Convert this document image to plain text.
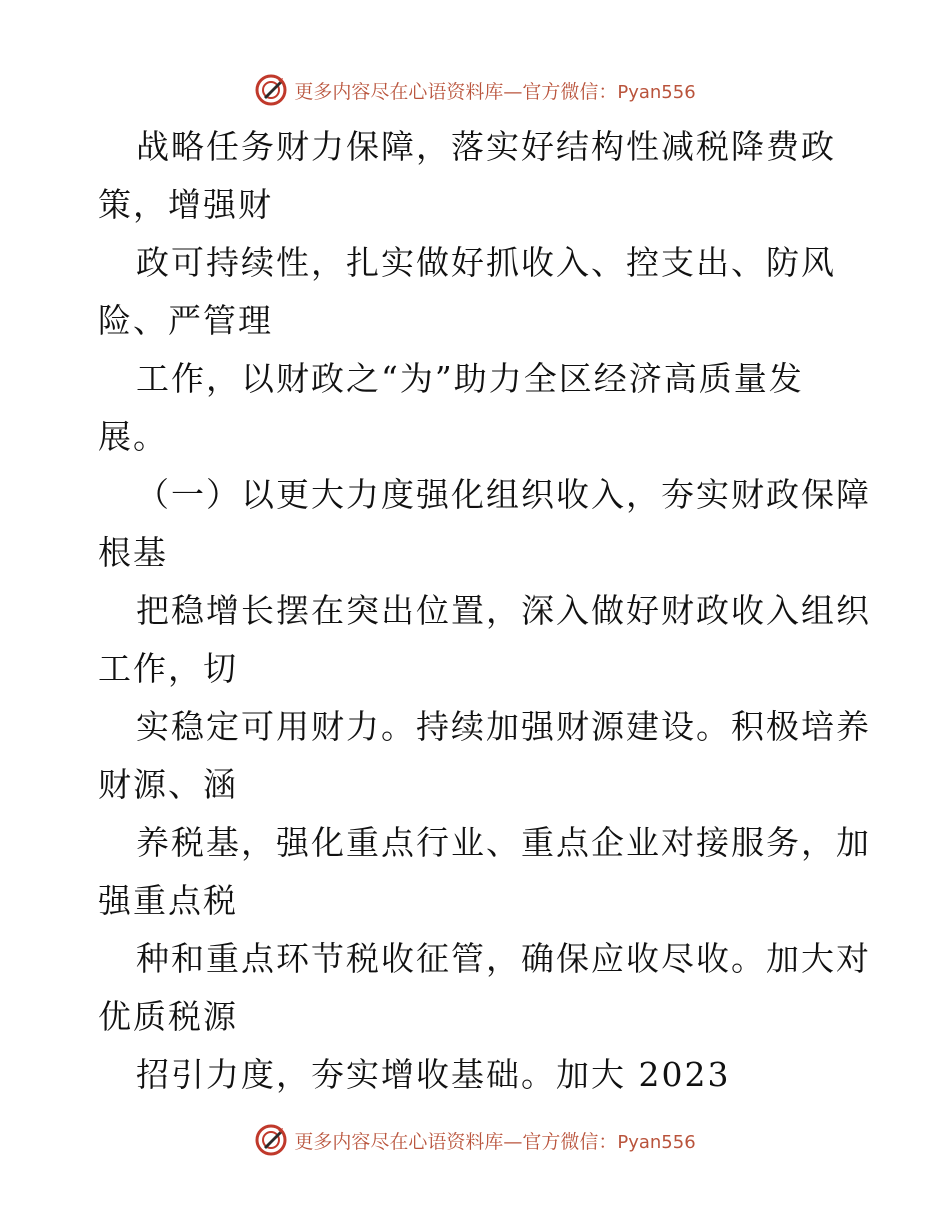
更多内容尽在心语资料库—官方微信：Pyan556
战略任务财力保障，落实好结构性减税降费政
策，增强财
政可持续性，扎实做好抓收入、控支出、防风
险、严管理
工作，以财政之“为”助力全区经济高质量发
展。
（一）以更大力度强化组织收入，夯实财政保障
根基
把稳增长摆在突出位置，深入做好财政收入组织
工作，切
实稳定可用财力。持续加强财源建设。积极培养
财源、涵
养税基，强化重点行业、重点企业对接服务，加
强重点税
种和重点环节税收征管，确保应收尽收。加大对
优质税源
招引力度，夯实增收基础。加大 2023
更多内容尽在心语资料库—官方微信：Pyan556
